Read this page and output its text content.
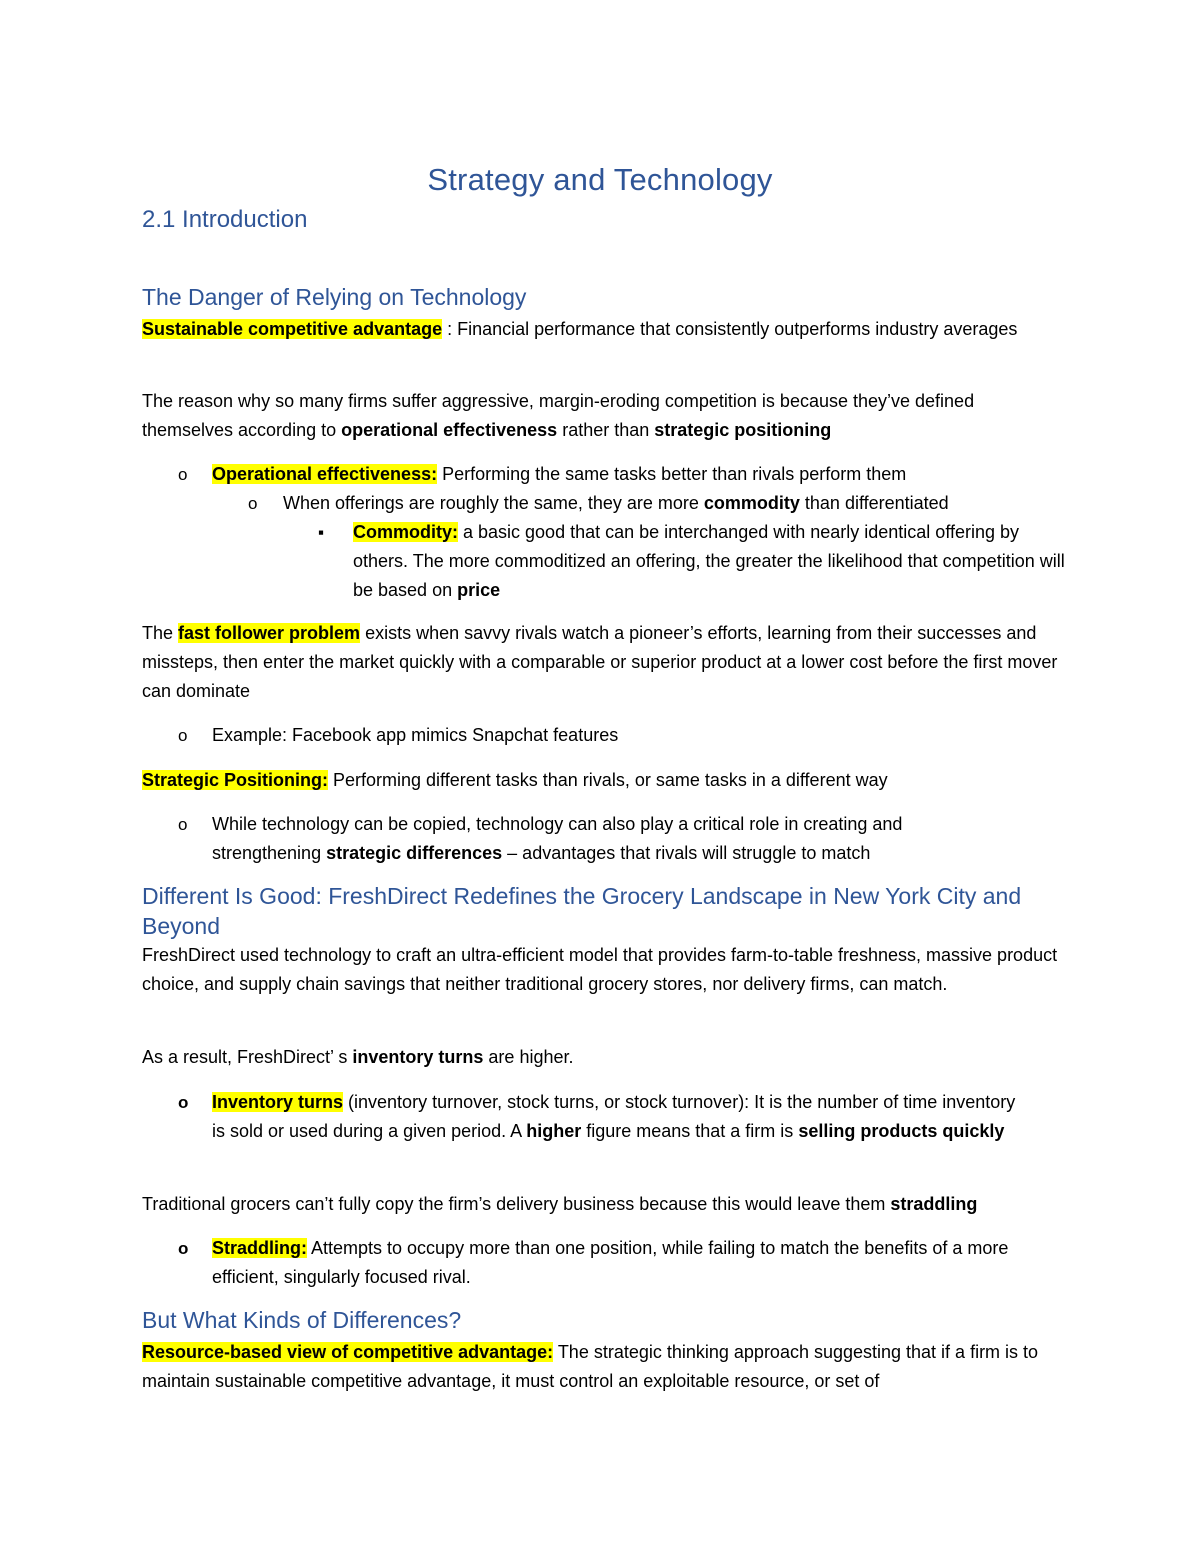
Strategy and Technology
2.1 Introduction
The Danger of Relying on Technology
Sustainable competitive advantage : Financial performance that consistently outperforms industry averages
The reason why so many firms suffer aggressive, margin-eroding competition is because they’ve defined themselves according to operational effectiveness rather than strategic positioning
o Operational effectiveness: Performing the same tasks better than rivals perform them
o When offerings are roughly the same, they are more commodity than differentiated
▪ Commodity: a basic good that can be interchanged with nearly identical offering by others. The more commoditized an offering, the greater the likelihood that competition will be based on price
The fast follower problem exists when savvy rivals watch a pioneer’s efforts, learning from their successes and missteps, then enter the market quickly with a comparable or superior product at a lower cost before the first mover can dominate
o Example: Facebook app mimics Snapchat features
Strategic Positioning: Performing different tasks than rivals, or same tasks in a different way
o While technology can be copied, technology can also play a critical role in creating and strengthening strategic differences – advantages that rivals will struggle to match
Different Is Good: FreshDirect Redefines the Grocery Landscape in New York City and Beyond
FreshDirect used technology to craft an ultra-efficient model that provides farm-to-table freshness, massive product choice, and supply chain savings that neither traditional grocery stores, nor delivery firms, can match.
As a result, FreshDirect’ s inventory turns are higher.
o Inventory turns (inventory turnover, stock turns, or stock turnover): It is the number of time inventory is sold or used during a given period. A higher figure means that a firm is selling products quickly
Traditional grocers can’t fully copy the firm’s delivery business because this would leave them straddling
o Straddling: Attempts to occupy more than one position, while failing to match the benefits of a more efficient, singularly focused rival.
But What Kinds of Differences?
Resource-based view of competitive advantage: The strategic thinking approach suggesting that if a firm is to maintain sustainable competitive advantage, it must control an exploitable resource, or set of
